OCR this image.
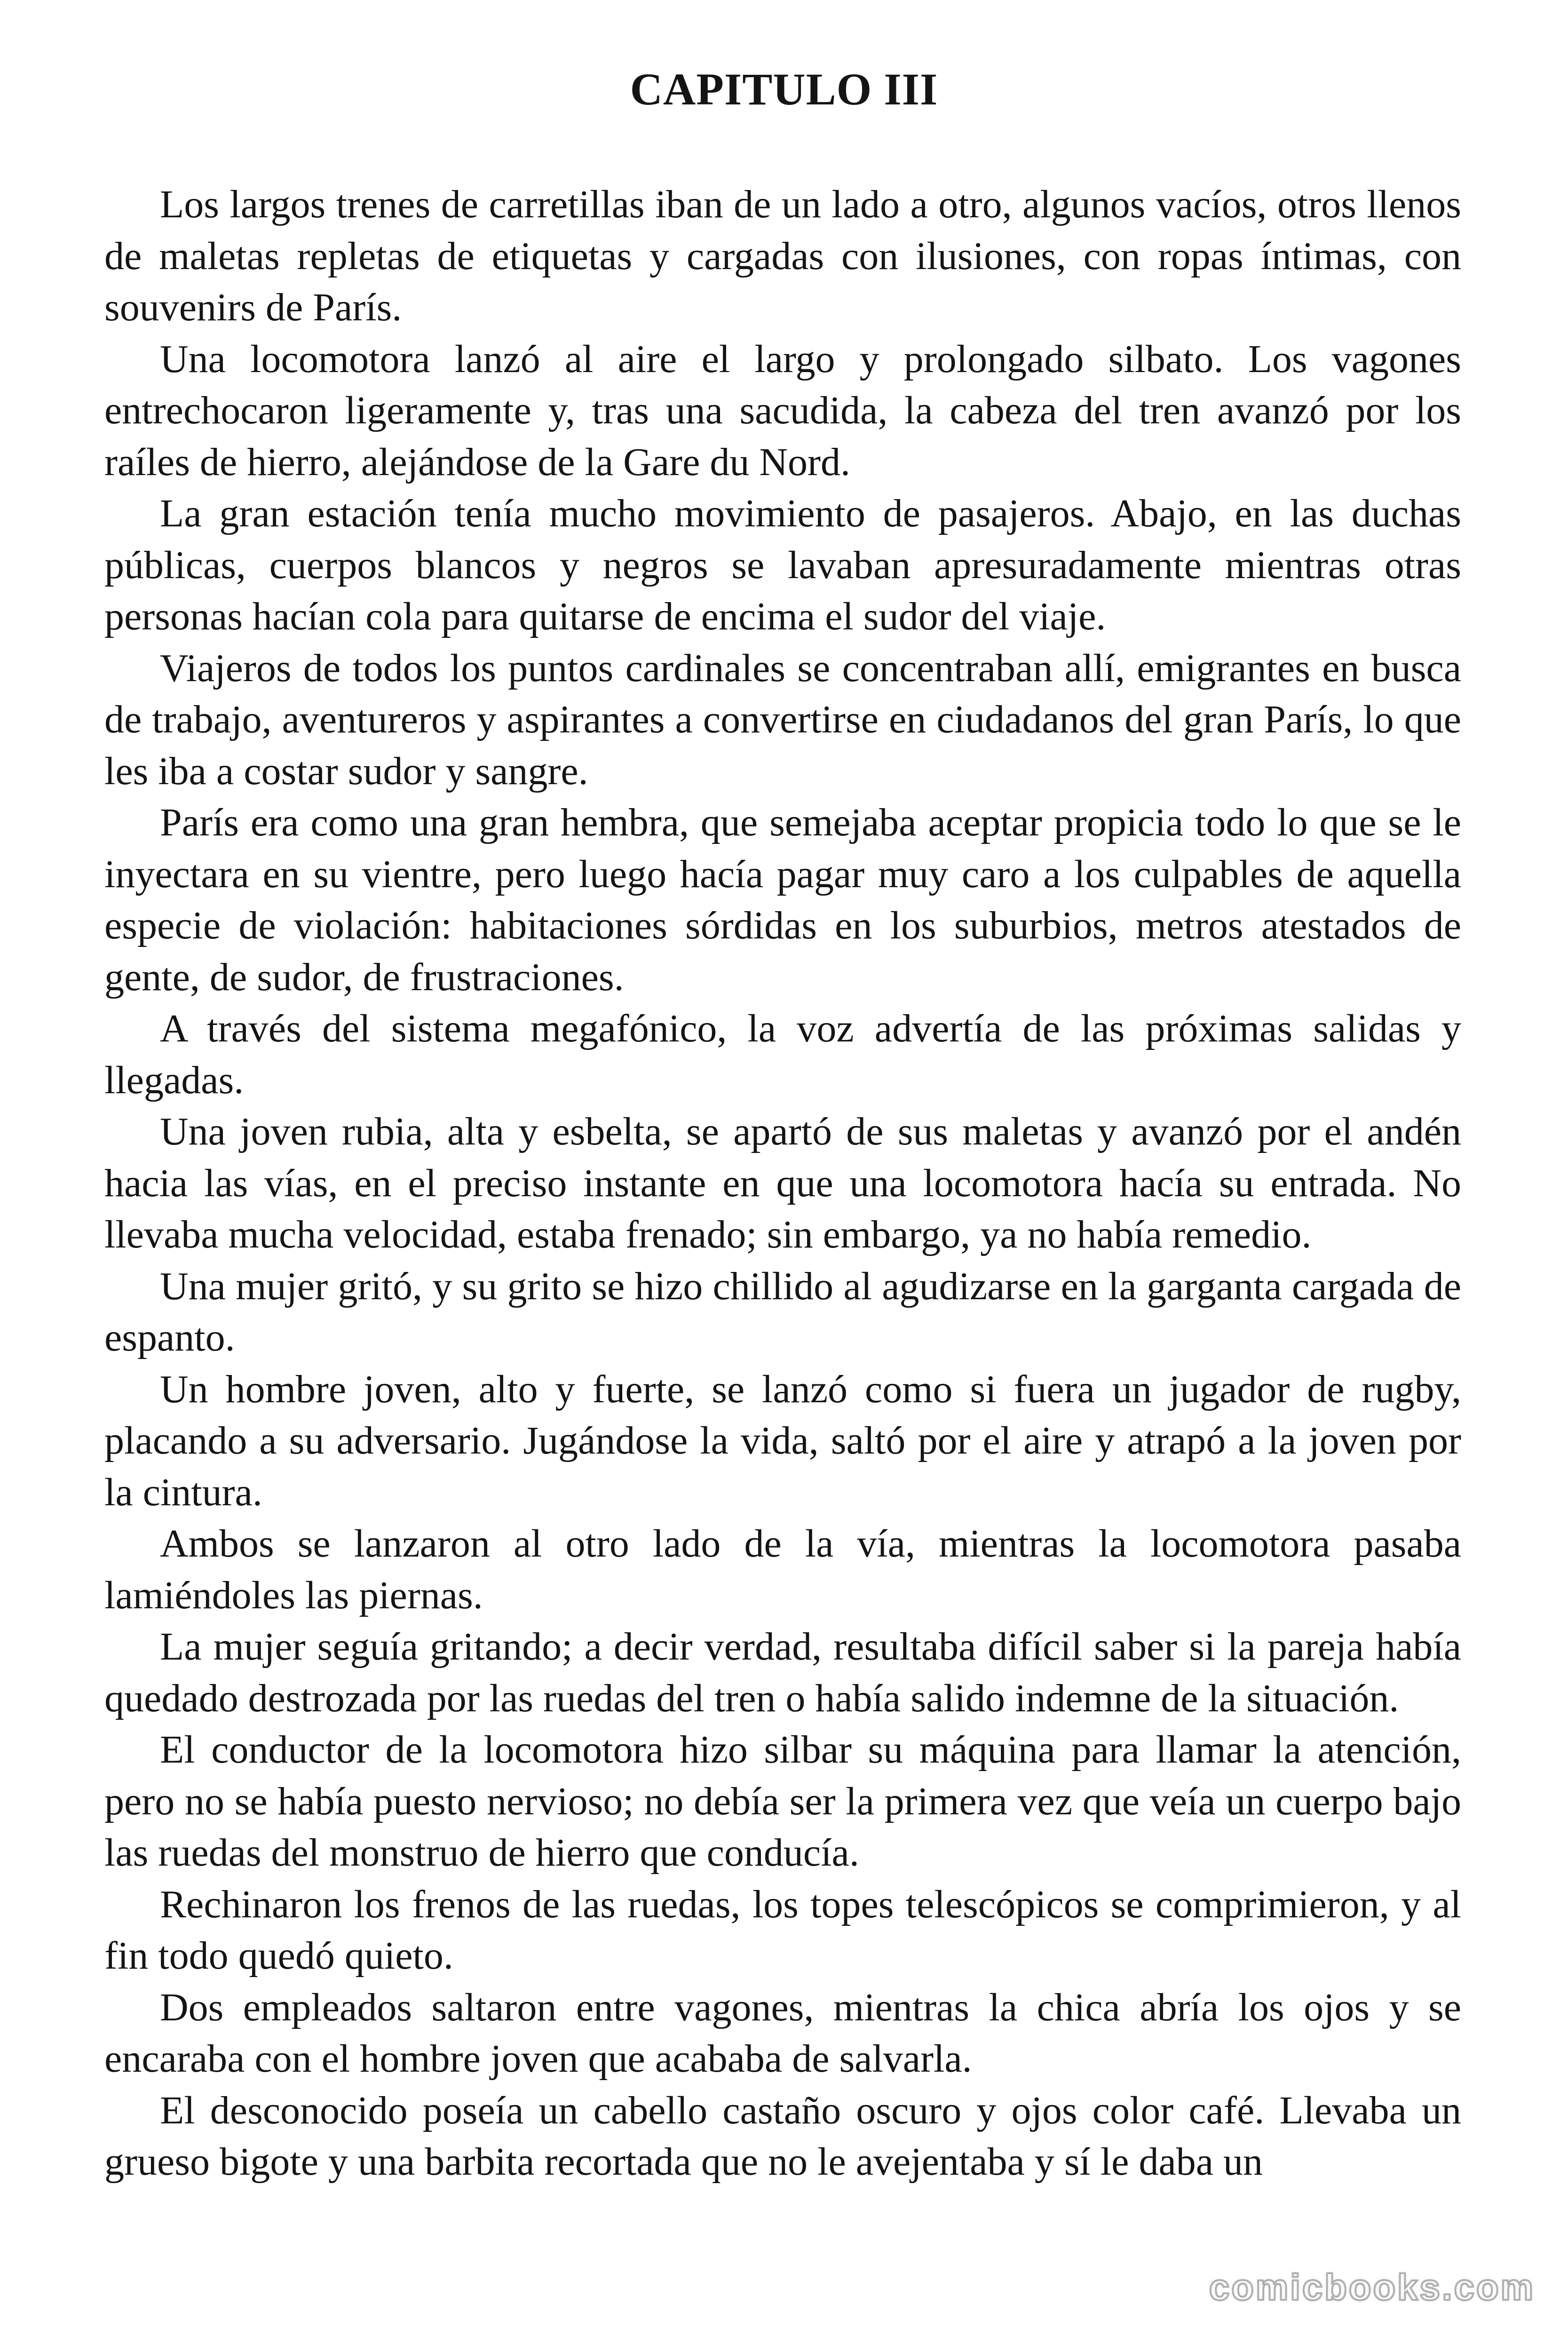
CAPITULO III

Los largos trenes de carretillas iban de un lado a otro, algunos vacíos, otros llenos de maletas repletas de etiquetas y cargadas con ilusiones, con ropas íntimas, con souvenirs de París.

Una locomotora lanzó al aire el largo y prolongado silbato. Los vagones entrechocaron ligeramente y, tras una sacudida, la cabeza del tren avanzó por los raíles de hierro, alejándose de la Gare du Nord.

La gran estación tenía mucho movimiento de pasajeros. Abajo, en las duchas públicas, cuerpos blancos y negros se lavaban apresuradamente mientras otras personas hacían cola para quitarse de encima el sudor del viaje.

Viajeros de todos los puntos cardinales se concentraban allí, emigrantes en busca de trabajo, aventureros y aspirantes a convertirse en ciudadanos del gran París, lo que les iba a costar sudor y sangre.

París era como una gran hembra, que semejaba aceptar propicia todo lo que se le inyectara en su vientre, pero luego hacía pagar muy caro a los culpables de aquella especie de violación: habitaciones sórdidas en los suburbios, metros atestados de gente, de sudor, de frustraciones.

A través del sistema megafónico, la voz advertía de las próximas salidas y llegadas.

Una joven rubia, alta y esbelta, se apartó de sus maletas y avanzó por el andén hacia las vías, en el preciso instante en que una locomotora hacía su entrada. No llevaba mucha velocidad, estaba frenado; sin embargo, ya no había remedio.

Una mujer gritó, y su grito se hizo chillido al agudizarse en la garganta cargada de espanto.

Un hombre joven, alto y fuerte, se lanzó como si fuera un jugador de rugby, placando a su adversario. Jugándose la vida, saltó por el aire y atrapó a la joven por la cintura.

Ambos se lanzaron al otro lado de la vía, mientras la locomotora pasaba lamiéndoles las piernas.

La mujer seguía gritando; a decir verdad, resultaba difícil saber si la pareja había quedado destrozada por las ruedas del tren o había salido indemne de la situación.

El conductor de la locomotora hizo silbar su máquina para llamar la atención, pero no se había puesto nervioso; no debía ser la primera vez que veía un cuerpo bajo las ruedas del monstruo de hierro que conducía.

Rechinaron los frenos de las ruedas, los topes telescópicos se comprimieron, y al fin todo quedó quieto.

Dos empleados saltaron entre vagones, mientras la chica abría los ojos y se encaraba con el hombre joven que acababa de salvarla.

El desconocido poseía un cabello castaño oscuro y ojos color café. Llevaba un grueso bigote y una barbita recortada que no le avejentaba y sí le daba un

comicbooks.com
